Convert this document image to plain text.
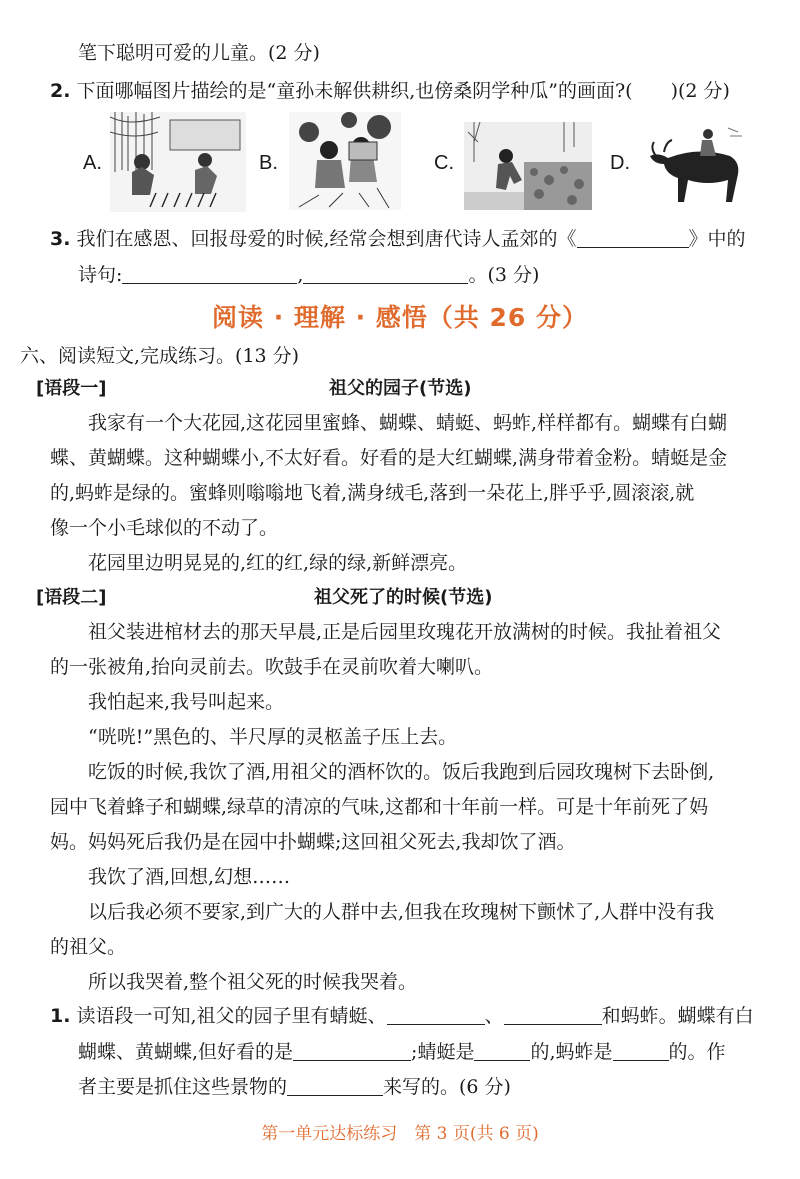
笔下聪明可爱的儿童。(2 分)
2. 下面哪幅图片描绘的是“童孙未解供耕织,也傍桑阴学种瓜”的画面?( )(2 分)
A.	B.	C.	D.
3. 我们在感恩、回报母爱的时候,经常会想到唐代诗人孟郊的《	》中的
诗句:	,	。(3 分)
阅读 · 理解 · 感悟（共 26 分）
六、阅读短文,完成练习。(13 分)
[语段一]	祖父的园子(节选)
我家有一个大花园,这花园里蜜蜂、蝴蝶、蜻蜓、蚂蚱,样样都有。蝴蝶有白蝴
蝶、黄蝴蝶。这种蝴蝶小,不太好看。好看的是大红蝴蝶,满身带着金粉。蜻蜓是金
的,蚂蚱是绿的。蜜蜂则嗡嗡地飞着,满身绒毛,落到一朵花上,胖乎乎,圆滚滚,就
像一个小毛球似的不动了。
花园里边明晃晃的,红的红,绿的绿,新鲜漂亮。
[语段二]	祖父死了的时候(节选)
祖父装进棺材去的那天早晨,正是后园里玫瑰花开放满树的时候。我扯着祖父
的一张被角,抬向灵前去。吹鼓手在灵前吹着大喇叭。
我怕起来,我号叫起来。
“咣咣!”黑色的、半尺厚的灵柩盖子压上去。
吃饭的时候,我饮了酒,用祖父的酒杯饮的。饭后我跑到后园玫瑰树下去卧倒,
园中飞着蜂子和蝴蝶,绿草的清凉的气味,这都和十年前一样。可是十年前死了妈
妈。妈妈死后我仍是在园中扑蝴蝶;这回祖父死去,我却饮了酒。
我饮了酒,回想,幻想……
以后我必须不要家,到广大的人群中去,但我在玫瑰树下颤怵了,人群中没有我
的祖父。
所以我哭着,整个祖父死的时候我哭着。
1. 读语段一可知,祖父的园子里有蜻蜓、	、	和蚂蚱。蝴蝶有白
蝴蝶、黄蝴蝶,但好看的是	;蜻蜓是	的,蚂蚱是	的。作
者主要是抓住这些景物的	来写的。(6 分)
第一单元达标练习　第 3 页(共 6 页)
